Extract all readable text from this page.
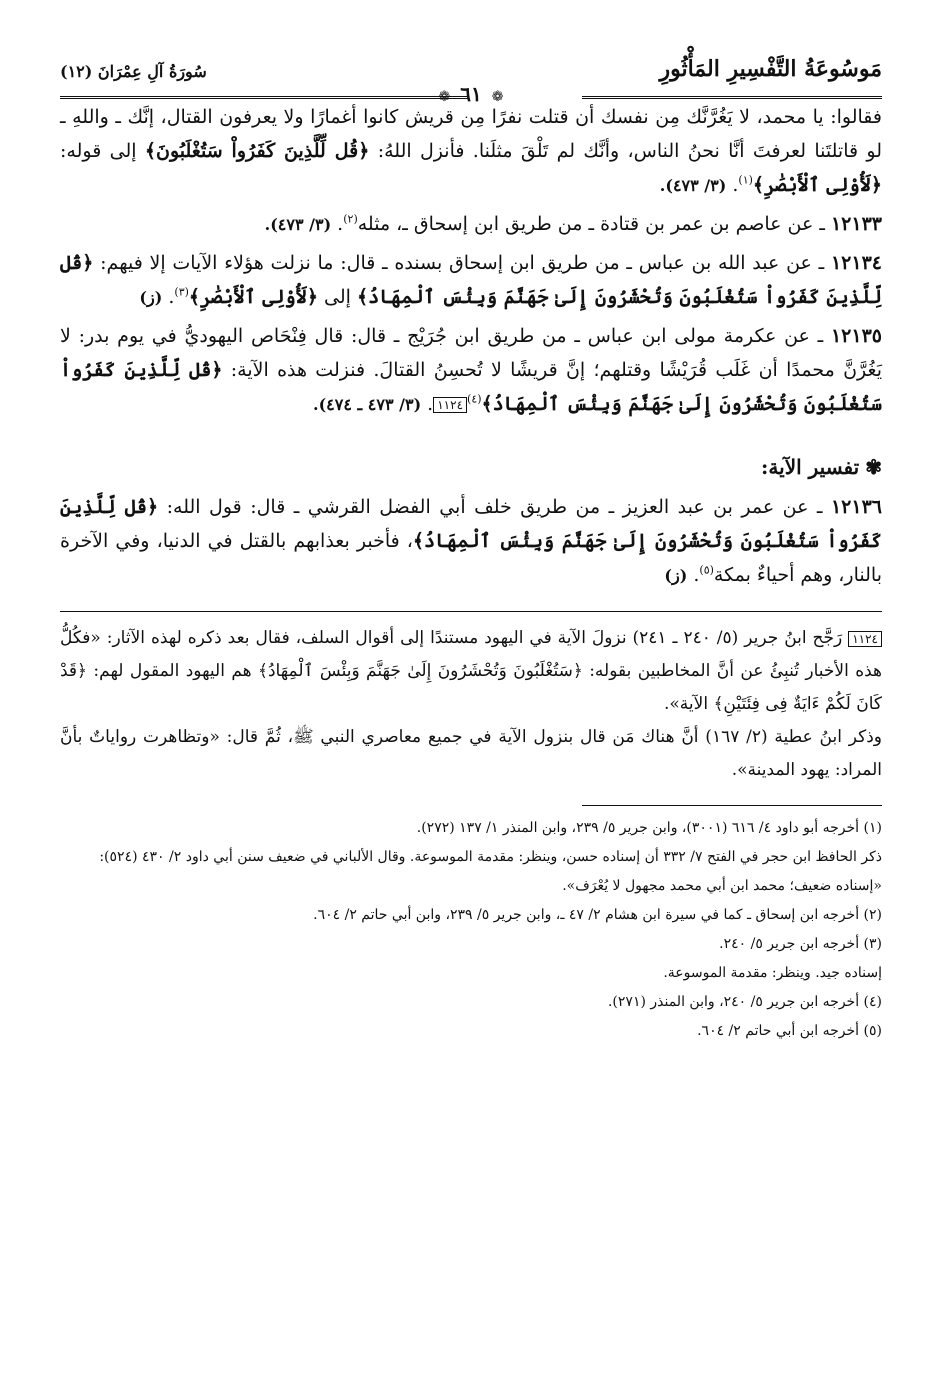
مَوسُوعَةُ التَّفْسِيرِ المَأْثُورِ
سُورَةُ آلِ عِمْرَانَ (١٢)
❁٦١❁

فقالوا: يا محمد، لا يَغُرَّنَّك مِن نفسك أن قتلت نفرًا مِن قريش كانوا أغمارًا ولا يعرفون القتال، إنَّك ـ واللهِ ـ لو قاتلتَنا لعرفتَ أنَّا نحنُ الناس، وأنَّك لم تَلْقَ مثلَنا. فأنزل اللهُ: ﴿قُل لِّلَّذِينَ كَفَرُواْ سَتُغْلَبُونَ﴾ إلى قوله: ﴿لَأُوْلِى ٱلْأَبْصَٰرِ﴾$^{(١)}$. (٣/ ٤٧٣).

١٢١٣٣ ـ عن عاصم بن عمر بن قتادة ـ من طريق ابن إسحاق ـ، مثله$^{(٢)}$. (٣/ ٤٧٣).

١٢١٣٤ ـ عن عبد الله بن عباس ـ من طريق ابن إسحاق بسنده ـ قال: ما نزلت هؤلاء الآيات إلا فيهم: ﴿قُل لِّلَّذِينَ كَفَرُواْ سَتُغْلَبُونَ وَتُحْشَرُونَ إِلَىٰ جَهَنَّمَ وَبِئْسَ ٱلْمِهَادُ﴾ إلى ﴿لَأُوْلِى ٱلْأَبْصَٰرِ﴾$^{(٣)}$. (ز)

١٢١٣٥ ـ عن عكرمة مولى ابن عباس ـ من طريق ابن جُرَيْج ـ قال: قال فِنْحَاص اليهوديُّ في يوم بدر: لا يَغُرَّنَّ محمدًا أن غَلَب قُرَيْشًا وقتلهم؛ إنَّ قريشًا لا تُحسِنُ القتالَ. فنزلت هذه الآية: ﴿قُل لِّلَّذِينَ كَفَرُواْ سَتُغْلَبُونَ وَتُحْشَرُونَ إِلَىٰ جَهَنَّمَ وَبِئْسَ ٱلْمِهَادُ﴾$^{(٤)}$١١٢٤. (٣/ ٤٧٣ ـ ٤٧٤).

✾تفسير الآية:

١٢١٣٦ ـ عن عمر بن عبد العزيز ـ من طريق خلف أبي الفضل القرشي ـ قال: قول الله: ﴿قُل لِّلَّذِينَ كَفَرُواْ سَتُغْلَبُونَ وَتُحْشَرُونَ إِلَىٰ جَهَنَّمَ وَبِئْسَ ٱلْمِهَادُ﴾، فأخبر بعذابهم بالقتل في الدنيا، وفي الآخرة بالنار، وهم أحياءٌ بمكة$^{(٥)}$. (ز)

١١٢٤ رَجَّح ابنُ جرير (٥/ ٢٤٠ ـ ٢٤١) نزولَ الآية في اليهود مستندًا إلى أقوال السلف، فقال بعد ذكره لهذه الآثار: «فكُلُّ هذه الأخبار تُنبِئُ عن أنَّ المخاطبين بقوله: ﴿سَتُغْلَبُونَ وَتُحْشَرُونَ إِلَىٰ جَهَنَّمَ وَبِئْسَ ٱلْمِهَادُ﴾ هم اليهود المقول لهم: ﴿قَدْ كَانَ لَكُمْ ءَايَةٌ فِى فِئَتَيْنِ﴾ الآية».

وذكر ابنُ عطية (٢/ ١٦٧) أنَّ هناك مَن قال بنزول الآية في جميع معاصري النبي ﷺ، ثُمَّ قال: «وتظاهرت رواياتٌ بأنَّ المراد: يهود المدينة».

(١) أخرجه أبو داود ٤/ ٦١٦ (٣٠٠١)، وابن جرير ٥/ ٢٣٩، وابن المنذر ١/ ١٣٧ (٢٧٢).

ذكر الحافظ ابن حجر في الفتح ٧/ ٣٣٢ أن إسناده حسن، وينظر: مقدمة الموسوعة. وقال الألباني في ضعيف سنن أبي داود ٢/ ٤٣٠ (٥٢٤): «إسناده ضعيف؛ محمد ابن أبي محمد مجهول لا يُعْرَف».

(٢) أخرجه ابن إسحاق ـ كما في سيرة ابن هشام ٢/ ٤٧ ـ، وابن جرير ٥/ ٢٣٩، وابن أبي حاتم ٢/ ٦٠٤.

(٣) أخرجه ابن جرير ٥/ ٢٤٠.

إسناده جيد. وينظر: مقدمة الموسوعة.

(٤) أخرجه ابن جرير ٥/ ٢٤٠، وابن المنذر (٢٧١).

(٥) أخرجه ابن أبي حاتم ٢/ ٦٠٤.
